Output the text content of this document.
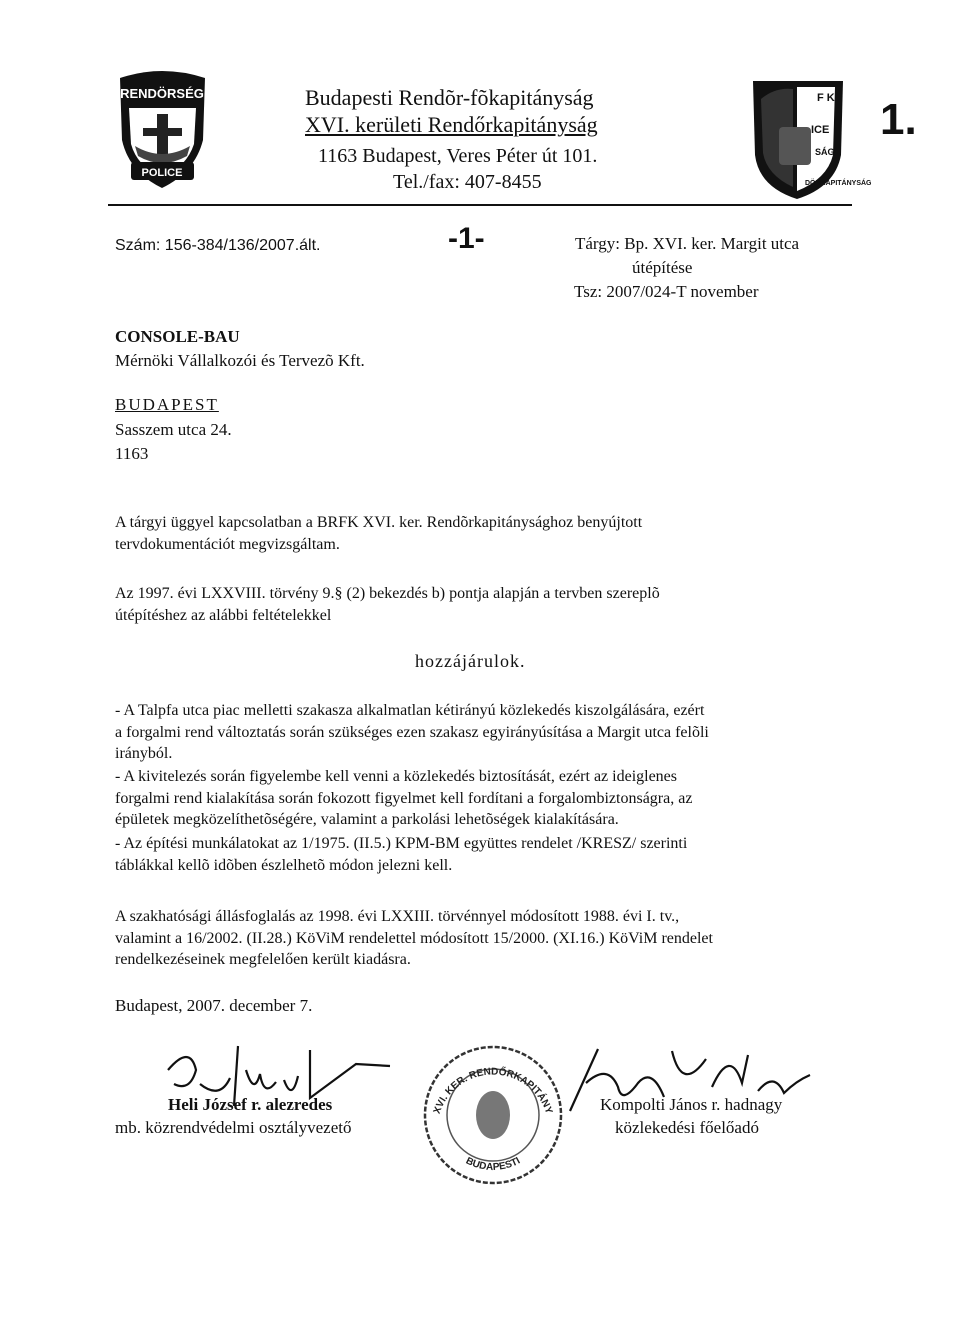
RENDÖRSÉG
POLICE
Budapesti Rendõr-fõkapitányság
XVI. kerületi Rendőrkapitányság
1163 Budapest, Veres Péter út 101.
Tel./fax: 407-8455
F K
ICE
SÁG
DÖRKAPITÁNYSÁG
1.
Szám: 156-384/136/2007.ált.	-1-	Tárgy: Bp. XVI. ker. Margit utca
útépítése
Tsz: 2007/024-T november
CONSOLE-BAU
Mérnöki Vállalkozói és Tervezõ Kft.
BUDAPEST
Sasszem utca 24.
1163
A tárgyi üggyel kapcsolatban a BRFK XVI. ker. Rendõrkapitánysághoz benyújtott
tervdokumentációt megvizsgáltam.
Az 1997. évi LXXVIII. törvény 9.§ (2) bekezdés b) pontja alapján a tervben szereplõ
útépítéshez az alábbi feltételekkel
hozzájárulok.
- A Talpfa utca piac melletti szakasza alkalmatlan kétirányú közlekedés kiszolgálására, ezért
a forgalmi rend változtatás során szükséges ezen szakasz egyirányúsítása a Margit utca felõli
irányból.
- A kivitelezés során figyelembe kell venni a közlekedés biztosítását, ezért az ideiglenes
forgalmi rend kialakítása során fokozott figyelmet kell fordítani a forgalombiztonságra, az
épületek megközelíthetõségére, valamint a parkolási lehetõségek kialakítására.
- Az építési munkálatokat az 1/1975. (II.5.) KPM-BM együttes rendelet /KRESZ/ szerinti
táblákkal kellõ idõben észlelhetõ módon jelezni kell.
A szakhatósági állásfoglalás az 1998. évi LXXIII. törvénnyel módosított 1988. évi I. tv.,
valamint a 16/2002. (II.28.) KöViM rendelettel módosított 15/2000. (XI.16.) KöViM rendelet
rendelkezéseinek megfelelően került kiadásra.
Budapest, 2007. december 7.
XVI. KER. RENDŐRKAPITÁNY
BUDAPESTI
Heli József r. alezredes
mb. közrendvédelmi osztályvezető
Kompolti János r. hadnagy
közlekedési főelőadó
